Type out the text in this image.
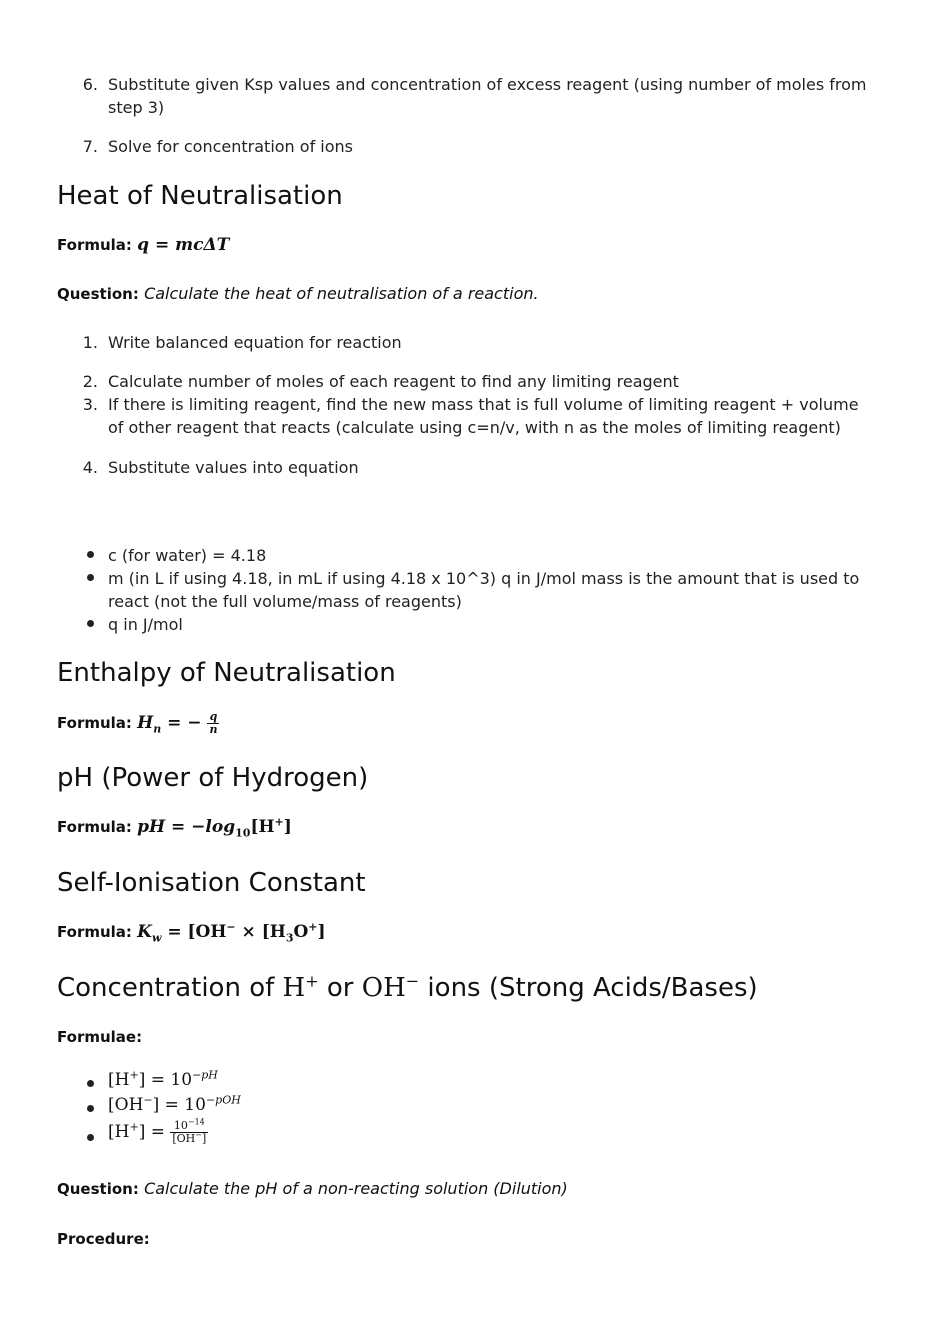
6. Substitute given Ksp values and concentration of excess reagent (using number of moles from step 3)
7. Solve for concentration of ions
Heat of Neutralisation
Formula: q = mcΔT
Question: Calculate the heat of neutralisation of a reaction.
1. Write balanced equation for reaction
2. Calculate number of moles of each reagent to find any limiting reagent
3. If there is limiting reagent, find the new mass that is full volume of limiting reagent + volume of other reagent that reacts (calculate using c=n/v, with n as the moles of limiting reagent)
4. Substitute values into equation
c (for water) = 4.18
m (in L if using 4.18, in mL if using 4.18 x 10^3) q in J/mol mass is the amount that is used to react (not the full volume/mass of reagents)
q in J/mol
Enthalpy of Neutralisation
Formula: $H_n$ = − $\frac{q}{n}$
pH (Power of Hydrogen)
Formula: pH = $-\log_{10}[H^+]$
Self-Ionisation Constant
Formula: $K_w = [OH^- \times [H_3O^+]$
Concentration of H+ or OH− ions (Strong Acids/Bases)
Formulae:
$[H^+] = 10^{-pH}$
$[OH^-] = 10^{-pOH}$
$[H^+] = \frac{10^{-14}}{[OH^-]}$
Question: Calculate the pH of a non-reacting solution (Dilution)
Procedure:
